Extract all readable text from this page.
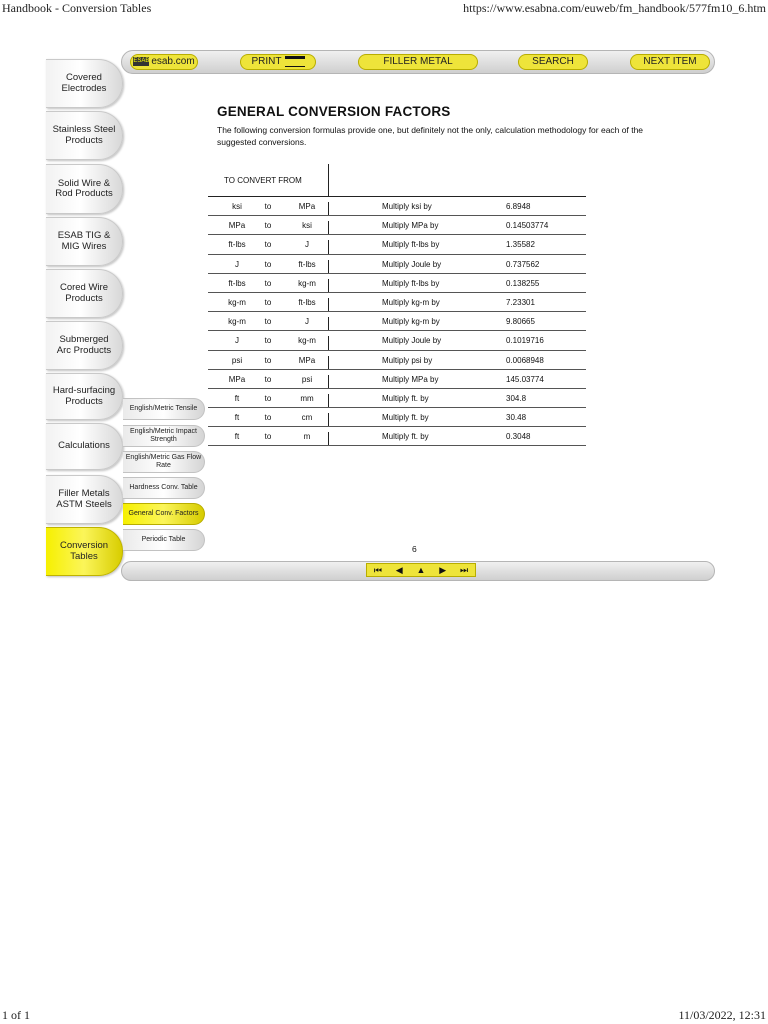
Handbook - Conversion Tables	https://www.esabna.com/euweb/fm_handbook/577fm10_6.htm
ESAB esab.com	PRINT	FILLER METAL	SEARCH	NEXT ITEM
Covered Electrodes
Stainless Steel Products
Solid Wire & Rod Products
ESAB TIG & MIG Wires
Cored Wire Products
Submerged Arc Products
Hard-surfacing Products
Calculations
Filler Metals ASTM Steels
Conversion Tables
English/Metric Tensile
English/Metric Impact Strength
English/Metric Gas Flow Rate
Hardness Conv. Table
General Conv. Factors
Periodic Table
GENERAL CONVERSION FACTORS
The following conversion formulas provide one, but definitely not the only, calculation methodology for each of the suggested conversions.
TO CONVERT FROM
ksi	to	MPa	Multiply ksi by	6.8948
MPa	to	ksi	Multiply MPa by	0.14503774
ft-lbs	to	J	Multiply ft-lbs by	1.35582
J	to	ft-lbs	Multiply Joule by	0.737562
ft-lbs	to	kg-m	Multiply ft-lbs by	0.138255
kg-m	to	ft-lbs	Multiply kg-m by	7.23301
kg-m	to	J	Multiply kg-m by	9.80665
J	to	kg-m	Multiply Joule by	0.1019716
psi	to	MPa	Multiply psi by	0.0068948
MPa	to	psi	Multiply MPa by	145.03774
ft	to	mm	Multiply ft. by	304.8
ft	to	cm	Multiply ft. by	30.48
ft	to	m	Multiply ft. by	0.3048
6
⏮ ◀ ▲ ▶ ⏭
1 of 1	11/03/2022, 12:31
